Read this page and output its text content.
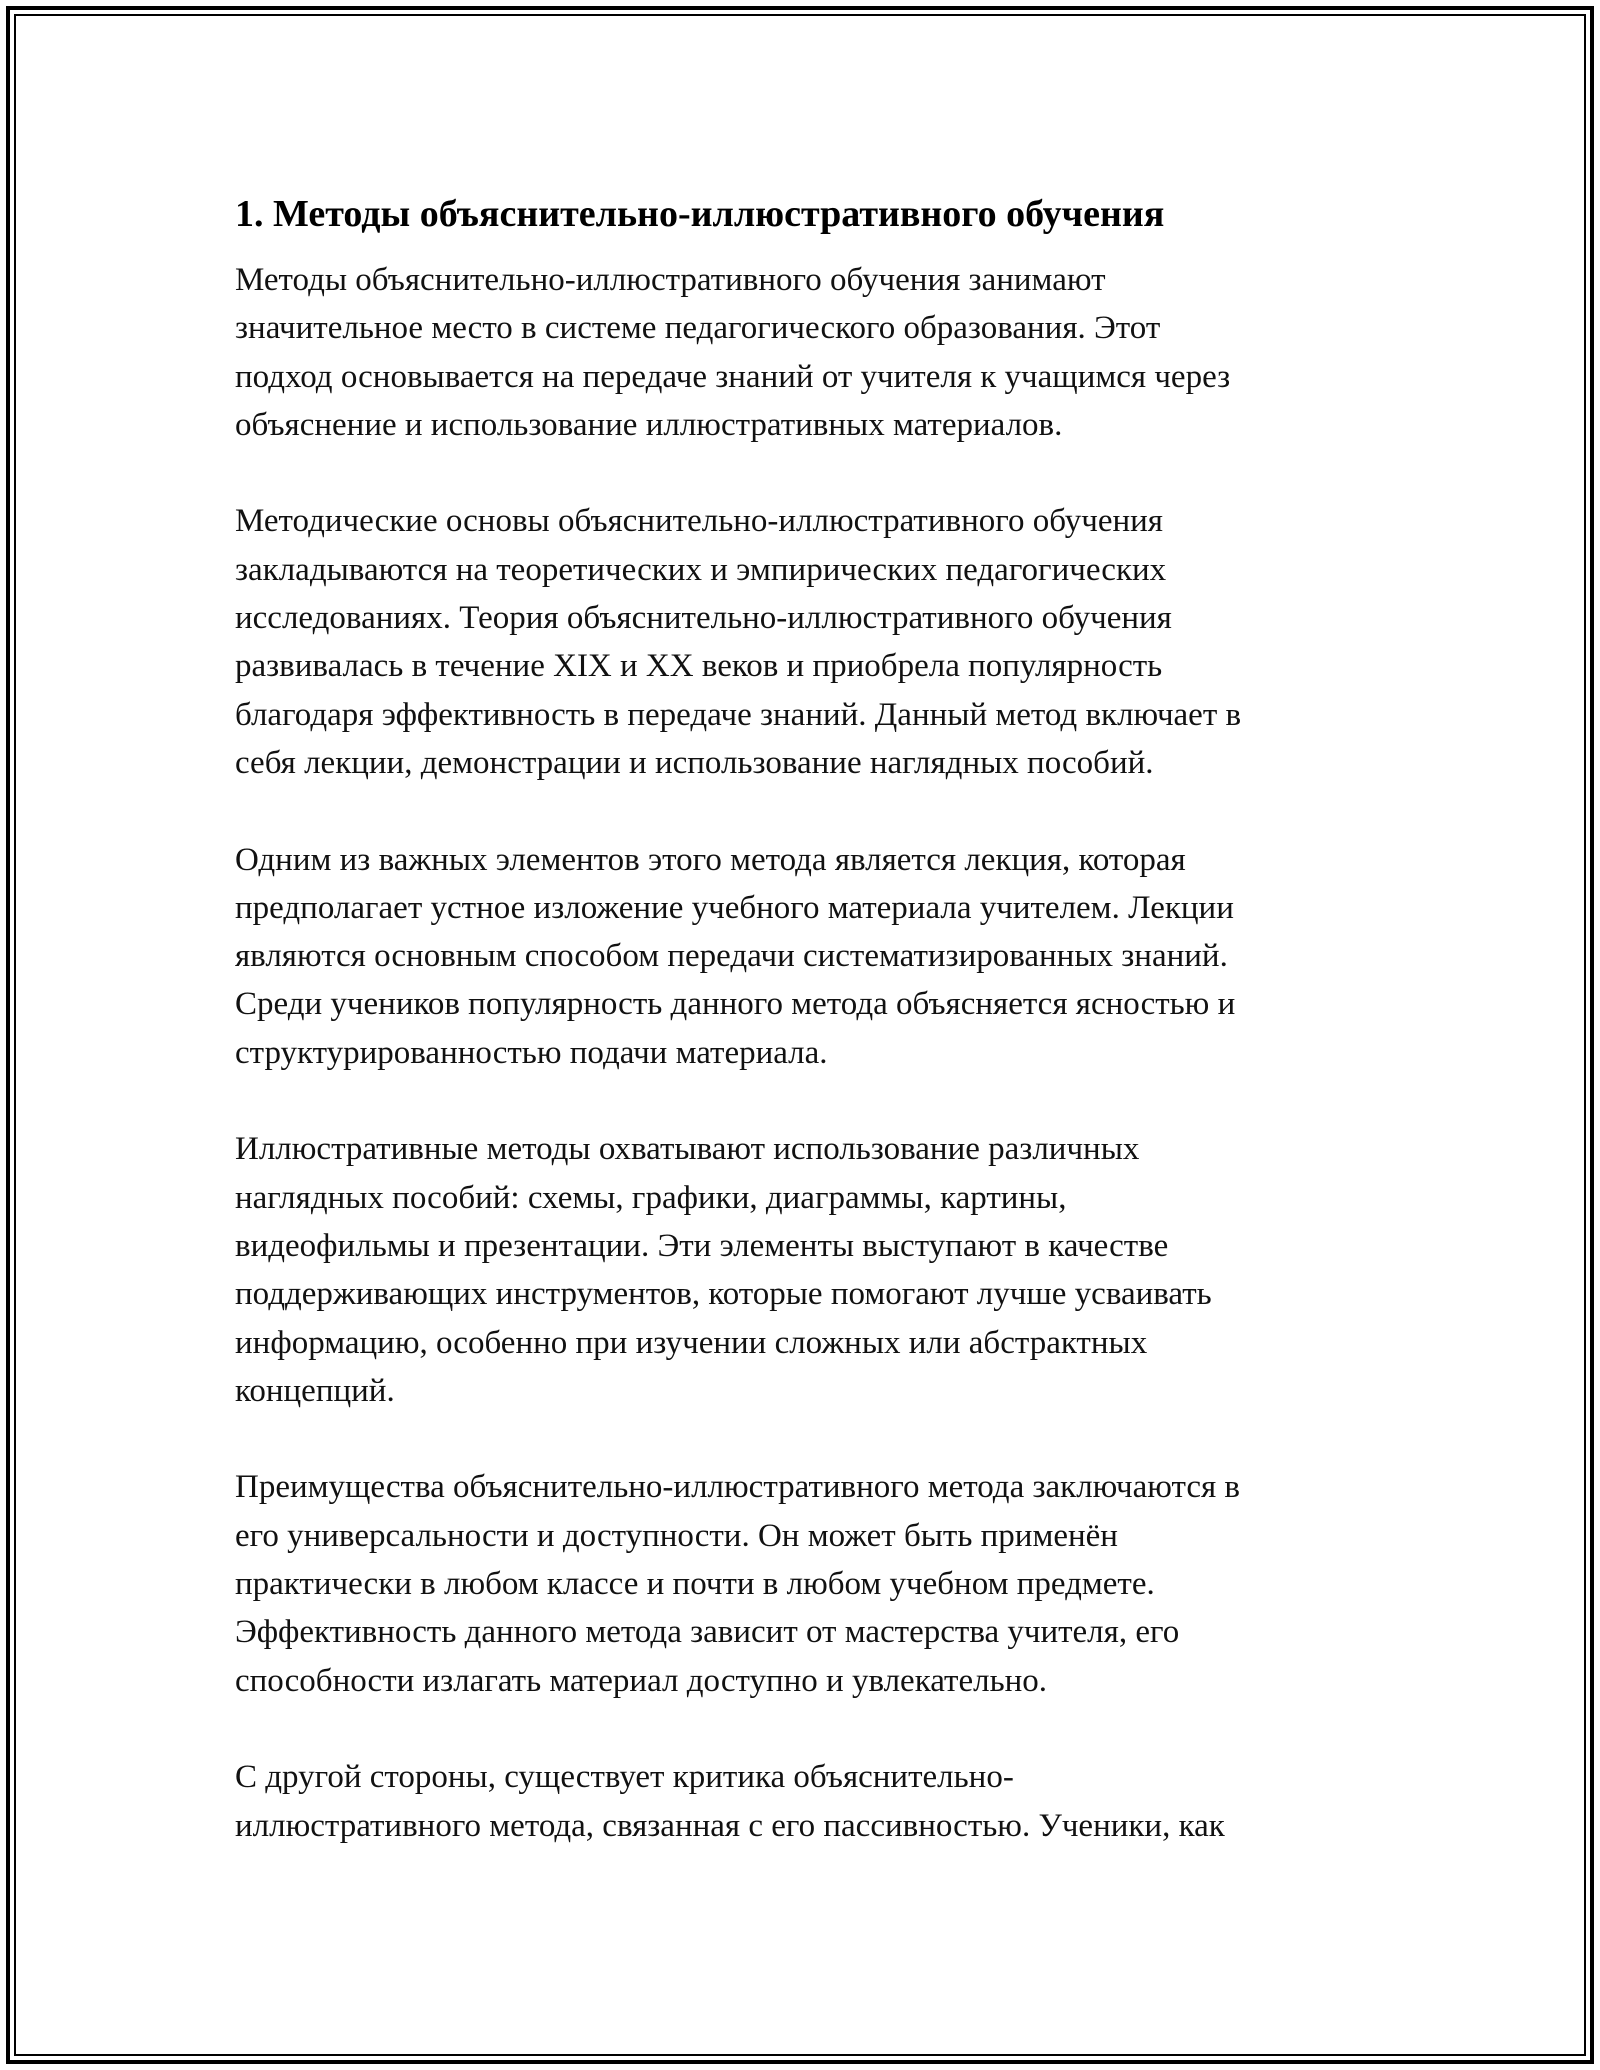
1. Методы объяснительно-иллюстративного обучения

Методы объяснительно-иллюстративного обучения занимают
значительное место в системе педагогического образования. Этот
подход основывается на передаче знаний от учителя к учащимся через
объяснение и использование иллюстративных материалов.

Методические основы объяснительно-иллюстративного обучения
закладываются на теоретических и эмпирических педагогических
исследованиях. Теория объяснительно-иллюстративного обучения
развивалась в течение XIX и XX веков и приобрела популярность
благодаря эффективность в передаче знаний. Данный метод включает в
себя лекции, демонстрации и использование наглядных пособий.

Одним из важных элементов этого метода является лекция, которая
предполагает устное изложение учебного материала учителем. Лекции
являются основным способом передачи систематизированных знаний.
Среди учеников популярность данного метода объясняется ясностью и
структурированностью подачи материала.

Иллюстративные методы охватывают использование различных
наглядных пособий: схемы, графики, диаграммы, картины,
видеофильмы и презентации. Эти элементы выступают в качестве
поддерживающих инструментов, которые помогают лучше усваивать
информацию, особенно при изучении сложных или абстрактных
концепций.

Преимущества объяснительно-иллюстративного метода заключаются в
его универсальности и доступности. Он может быть применён
практически в любом классе и почти в любом учебном предмете.
Эффективность данного метода зависит от мастерства учителя, его
способности излагать материал доступно и увлекательно.

С другой стороны, существует критика объяснительно-
иллюстративного метода, связанная с его пассивностью. Ученики, как
